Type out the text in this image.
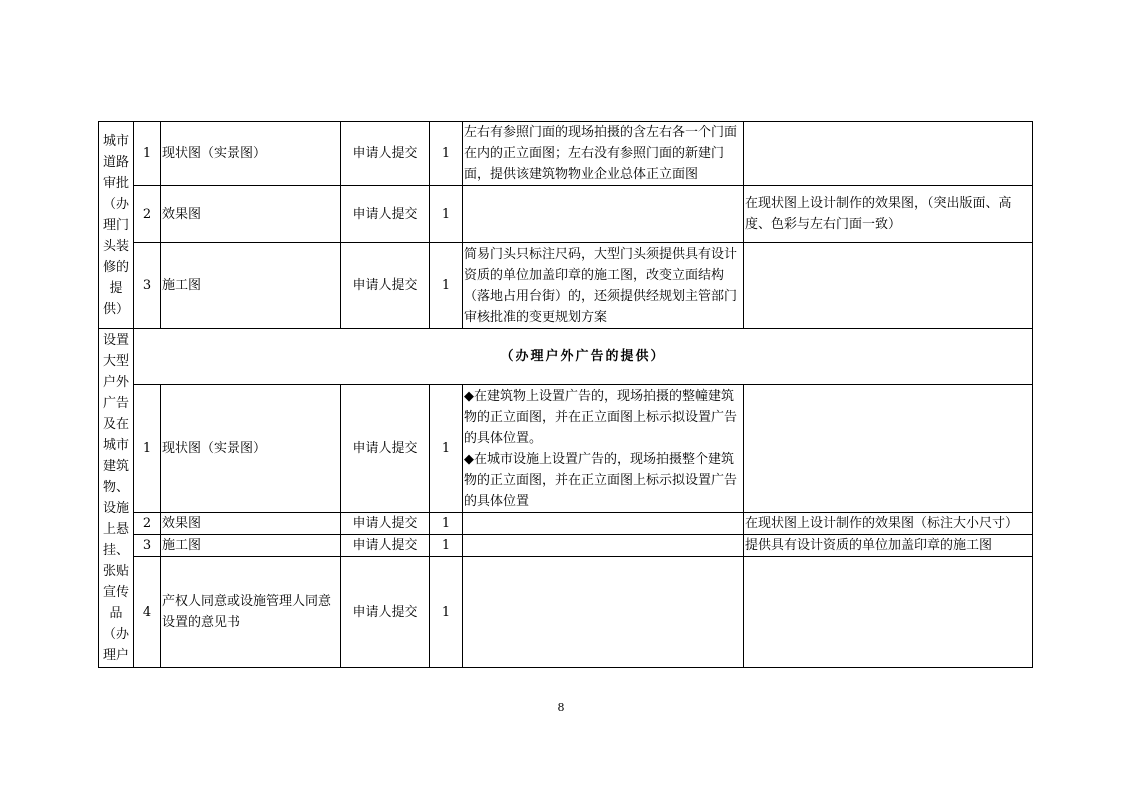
城市道路审批（办理门头装修的提供）	1	现状图（实景图）	申请人提交	1	左右有参照门面的现场拍摄的含左右各一个门面在内的正立面图；左右没有参照门面的新建门面，提供该建筑物物业企业总体正立面图	
	2	效果图	申请人提交	1		在现状图上设计制作的效果图，（突出版面、高度、色彩与左右门面一致）
	3	施工图	申请人提交	1	简易门头只标注尺码，大型门头须提供具有设计资质的单位加盖印章的施工图，改变立面结构（落地占用台街）的，还须提供经规划主管部门审核批准的变更规划方案	

设置大型户外广告及在城市建筑物、设施上悬挂、张贴宣传品（办理户	（办理户外广告的提供）					
	1	现状图（实景图）	申请人提交	1	◆在建筑物上设置广告的，现场拍摄的整幢建筑物的正立面图，并在正立面图上标示拟设置广告的具体位置。
◆在城市设施上设置广告的，现场拍摄整个建筑物的正立面图，并在正立面图上标示拟设置广告的具体位置	

	2	效果图	申请人提交	1		在现状图上设计制作的效果图（标注大小尺寸）
	3	施工图	申请人提交	1		提供具有设计资质的单位加盖印章的施工图
	4	产权人同意或设施管理人同意设置的意见书	申请人提交	1		
8
